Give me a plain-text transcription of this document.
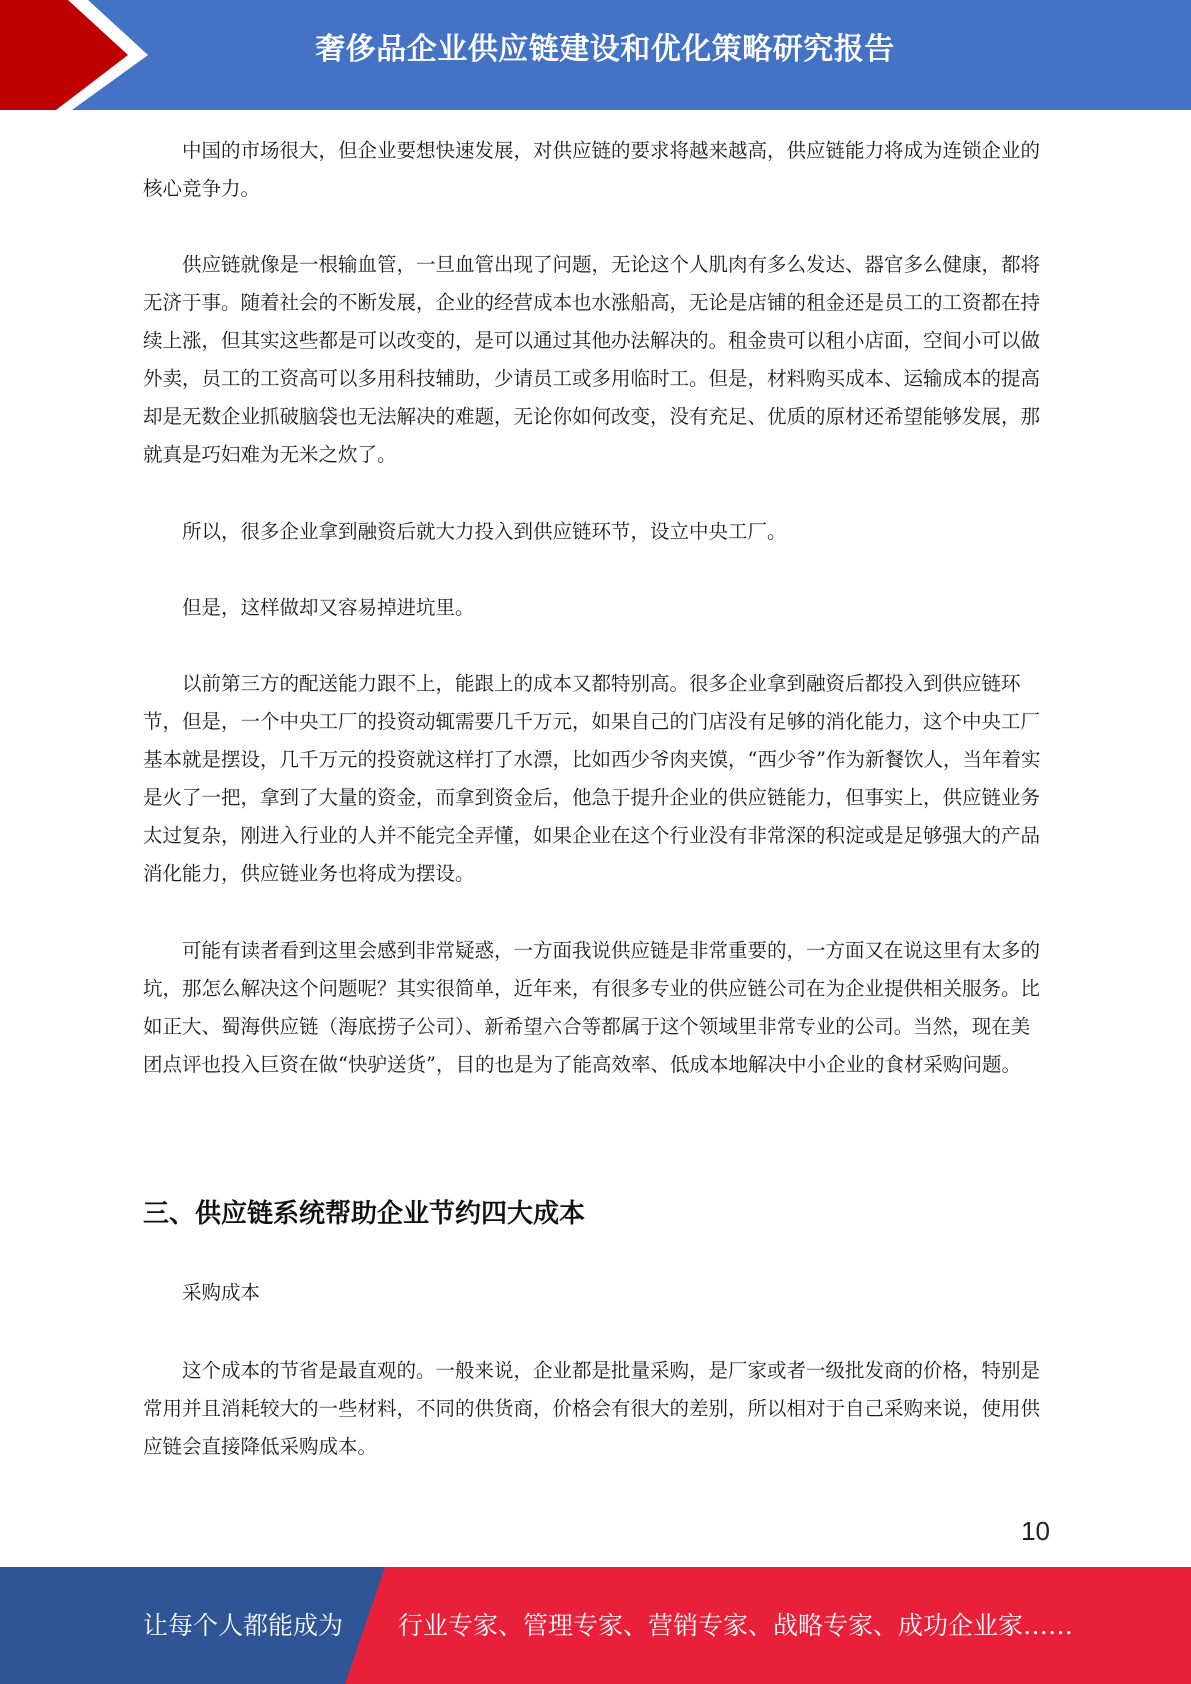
奢侈品企业供应链建设和优化策略研究报告

中国的市场很大，但企业要想快速发展，对供应链的要求将越来越高，供应链能力将成为连锁企业的核心竞争力。

供应链就像是一根输血管，一旦血管出现了问题，无论这个人肌肉有多么发达、器官多么健康，都将无济于事。随着社会的不断发展，企业的经营成本也水涨船高，无论是店铺的租金还是员工的工资都在持续上涨，但其实这些都是可以改变的，是可以通过其他办法解决的。租金贵可以租小店面，空间小可以做外卖，员工的工资高可以多用科技辅助，少请员工或多用临时工。但是，材料购买成本、运输成本的提高却是无数企业抓破脑袋也无法解决的难题，无论你如何改变，没有充足、优质的原材还希望能够发展，那就真是巧妇难为无米之炊了。

所以，很多企业拿到融资后就大力投入到供应链环节，设立中央工厂。

但是，这样做却又容易掉进坑里。

以前第三方的配送能力跟不上，能跟上的成本又都特别高。很多企业拿到融资后都投入到供应链环节，但是，一个中央工厂的投资动辄需要几千万元，如果自己的门店没有足够的消化能力，这个中央工厂基本就是摆设，几千万元的投资就这样打了水漂，比如西少爷肉夹馍，“西少爷”作为新餐饮人，当年着实是火了一把，拿到了大量的资金，而拿到资金后，他急于提升企业的供应链能力，但事实上，供应链业务太过复杂，刚进入行业的人并不能完全弄懂，如果企业在这个行业没有非常深的积淀或是足够强大的产品消化能力，供应链业务也将成为摆设。

可能有读者看到这里会感到非常疑惑，一方面我说供应链是非常重要的，一方面又在说这里有太多的坑，那怎么解决这个问题呢？其实很简单，近年来，有很多专业的供应链公司在为企业提供相关服务。比如正大、蜀海供应链（海底捞子公司）、新希望六合等都属于这个领域里非常专业的公司。当然，现在美团点评也投入巨资在做“快驴送货”，目的也是为了能高效率、低成本地解决中小企业的食材采购问题。

三、供应链系统帮助企业节约四大成本

采购成本

这个成本的节省是最直观的。一般来说，企业都是批量采购，是厂家或者一级批发商的价格，特别是常用并且消耗较大的一些材料，不同的供货商，价格会有很大的差别，所以相对于自己采购来说，使用供应链会直接降低采购成本。

10
让每个人都能成为 行业专家、管理专家、营销专家、战略专家、成功企业家……
